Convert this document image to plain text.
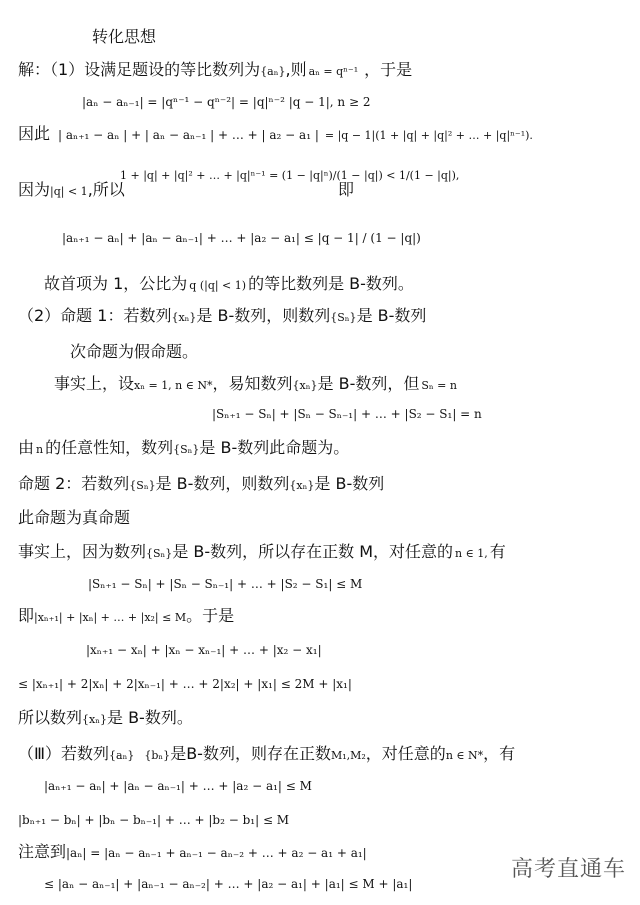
转化思想
解：（1）设满足题设的等比数列为{aₙ},则 aₙ = qⁿ⁻¹ ，于是
|aₙ − aₙ₋₁| = |qⁿ⁻¹ − qⁿ⁻²| = |q|ⁿ⁻² |q − 1|, n ≥ 2
因此 | aₙ₊₁ − aₙ | + | aₙ − aₙ₋₁ | + … + | a₂ − a₁ | = |q − 1|(1 + |q| + |q|² + … + |q|ⁿ⁻¹).
因为|q| < 1,所以
1 + |q| + |q|² + … + |q|ⁿ⁻¹ = (1 − |q|ⁿ)/(1 − |q|) < 1/(1 − |q|),
即
|aₙ₊₁ − aₙ| + |aₙ − aₙ₋₁| + … + |a₂ − a₁| ≤ |q − 1| / (1 − |q|)
故首项为 1，公比为 q (|q| < 1) 的等比数列是 B-数列。
（2）命题 1：若数列{xₙ}是 B-数列，则数列{Sₙ}是 B-数列
次命题为假命题。
事实上，设xₙ = 1, n ∈ N*，易知数列{xₙ}是 B-数列，但 Sₙ = n
|Sₙ₊₁ − Sₙ| + |Sₙ − Sₙ₋₁| + … + |S₂ − S₁| = n
由 n 的任意性知，数列{Sₙ}是 B-数列此命题为。
命题 2：若数列{Sₙ}是 B-数列，则数列{xₙ}是 B-数列
此命题为真命题
事实上，因为数列{Sₙ}是 B-数列，所以存在正数 M，对任意的 n ∈ 1, 有
|Sₙ₊₁ − Sₙ| + |Sₙ − Sₙ₋₁| + … + |S₂ − S₁| ≤ M
即|xₙ₊₁| + |xₙ| + … + |x₂| ≤ M。于是
|xₙ₊₁ − xₙ| + |xₙ − xₙ₋₁| + … + |x₂ − x₁|
≤ |xₙ₊₁| + 2|xₙ| + 2|xₙ₋₁| + … + 2|x₂| + |x₁| ≤ 2M + |x₁|
所以数列{xₙ}是 B-数列。
（Ⅲ）若数列{aₙ} {bₙ}是B-数列，则存在正数M₁,M₂，对任意的n ∈ N*，有
|aₙ₊₁ − aₙ| + |aₙ − aₙ₋₁| + … + |a₂ − a₁| ≤ M
|bₙ₊₁ − bₙ| + |bₙ − bₙ₋₁| + … + |b₂ − b₁| ≤ M
注意到|aₙ| = |aₙ − aₙ₋₁ + aₙ₋₁ − aₙ₋₂ + … + a₂ − a₁ + a₁|
≤ |aₙ − aₙ₋₁| + |aₙ₋₁ − aₙ₋₂| + … + |a₂ − a₁| + |a₁| ≤ M + |a₁|
高考直通车
